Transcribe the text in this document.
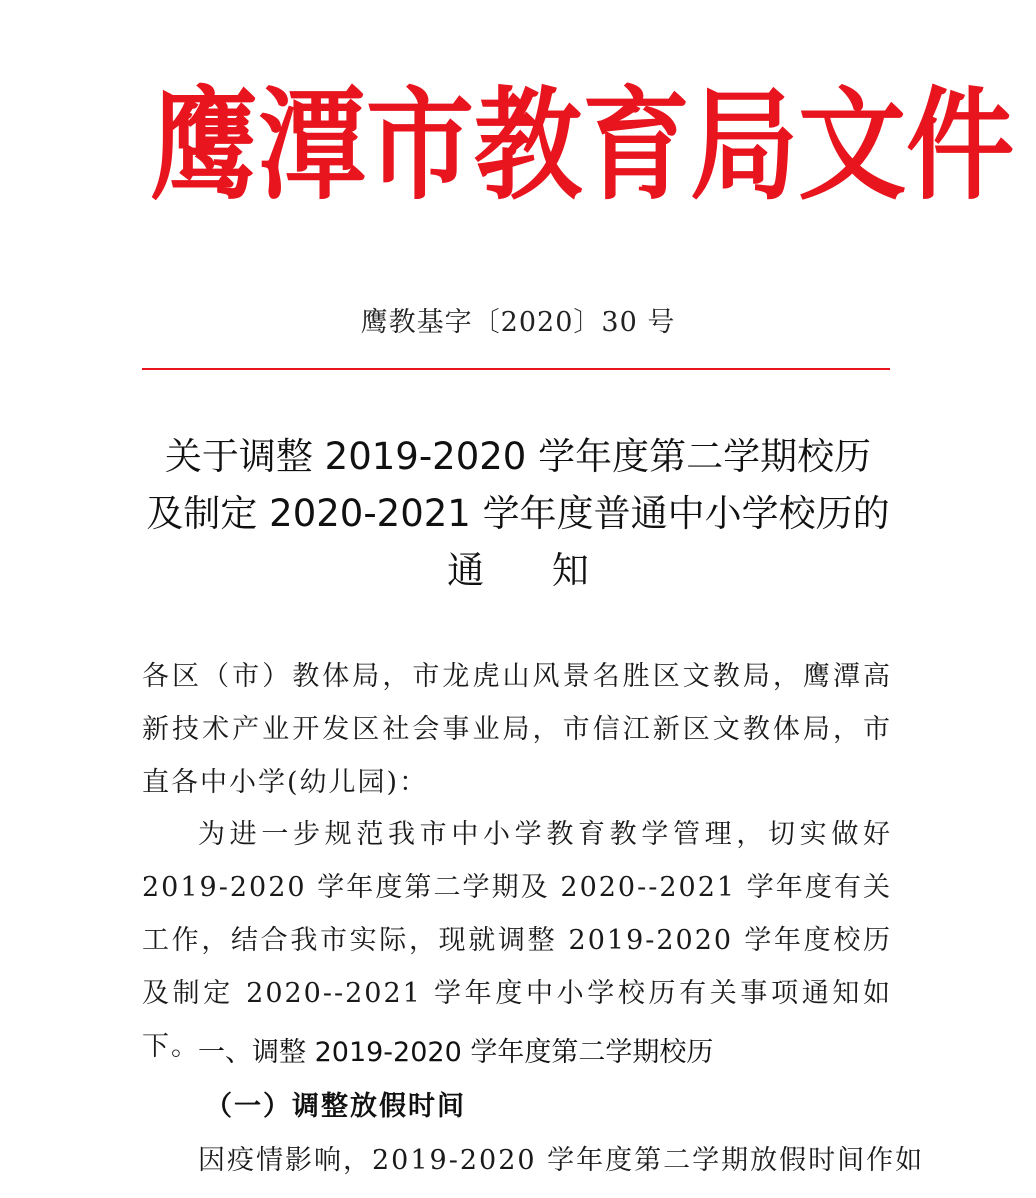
鹰 潭 市 教 育 局 文 件
鹰教基字〔2020〕30 号
关于调整 2019-2020 学年度第二学期校历
及制定 2020-2021 学年度普通中小学校历的
通 知

各区（市）教体局，市龙虎山风景名胜区文教局，鹰潭高新技术产业开发区社会事业局，市信江新区文教体局，市直各中小学(幼儿园)：

为进一步规范我市中小学教育教学管理，切实做好 2019-2020 学年度第二学期及 2020--2021 学年度有关工作，结合我市实际，现就调整 2019-2020 学年度校历及制定 2020--2021 学年度中小学校历有关事项通知如下。

一、调整 2019-2020 学年度第二学期校历
（一）调整放假时间
因疫情影响，2019-2020 学年度第二学期放假时间作如
